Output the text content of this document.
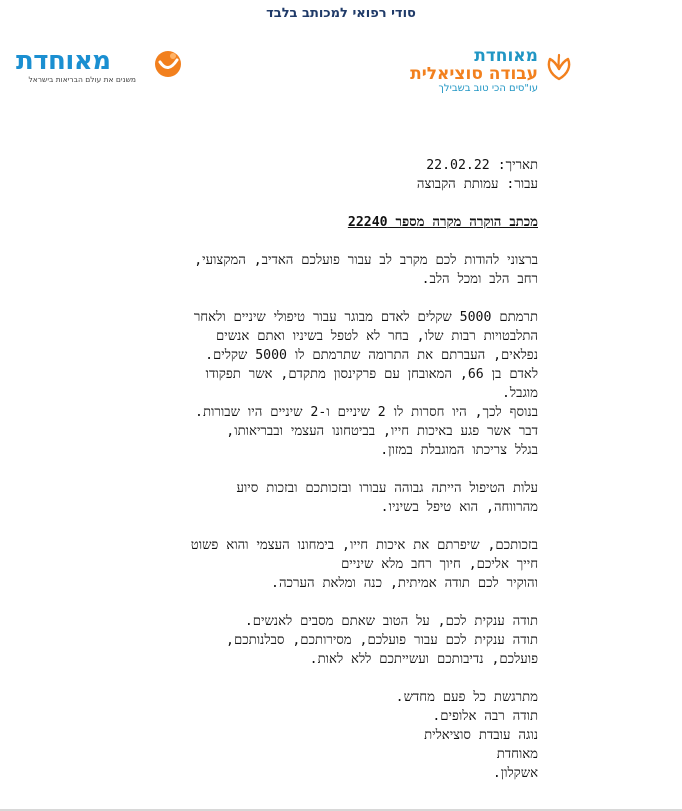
סודי רפואי למכותב בלבד
מאוחדת
משנים את עולם הבריאות בישראל
מאוחדת
עבודה סוציאלית
עו"סים הכי טוב בשבילך

תאריך: 22.02.22

עבור: עמותת הקבוצה

מכתב הוקרה מקרה מספר 22240

ברצוני להודות לכם מקרב לב עבור פועלכם האדיב, המקצועי,

רחב הלב ומכל הלב.

תרמתם 5000 שקלים לאדם מבוגר עבור טיפולי שיניים ולאחר

התלבטויות רבות שלו, בחר לא לטפל בשיניו ואתם אנשים

נפלאים, העברתם את התרומה שתרמתם לו 5000 שקלים.

לאדם בן 66, המאובחן עם פרקינסון מתקדם, אשר תפקודו

מוגבל.

בנוסף לכך, היו חסרות לו 2 שיניים ו-2 שיניים היו שבורות.

דבר אשר פגע באיכות חייו, בביטחונו העצמי ובבריאותו,

בגלל צריכתו המוגבלת במזון.

עלות הטיפול הייתה גבוהה עבורו ובזכותכם ובזכות סיוע

מהרווחה, הוא טיפל בשיניו.

בזכותכם, שיפרתם את איכות חייו, בימחונו העצמי והוא פשוט

חייך אליכם, חיוך רחב מלא שיניים

והוקיר לכם תודה אמיתית, כנה ומלאת הערכה.

תודה ענקית לכם, על הטוב שאתם מסבים לאנשים.

תודה ענקית לכם עבור פועלכם, מסירותכם, סבלנותכם,

פועלכם, נדיבותכם ועשייתכם ללא לאות.

מתרגשת כל פעם מחדש.

תודה רבה אלופים.

נוגה עובדת סוציאלית

מאוחדת

אשקלון.
